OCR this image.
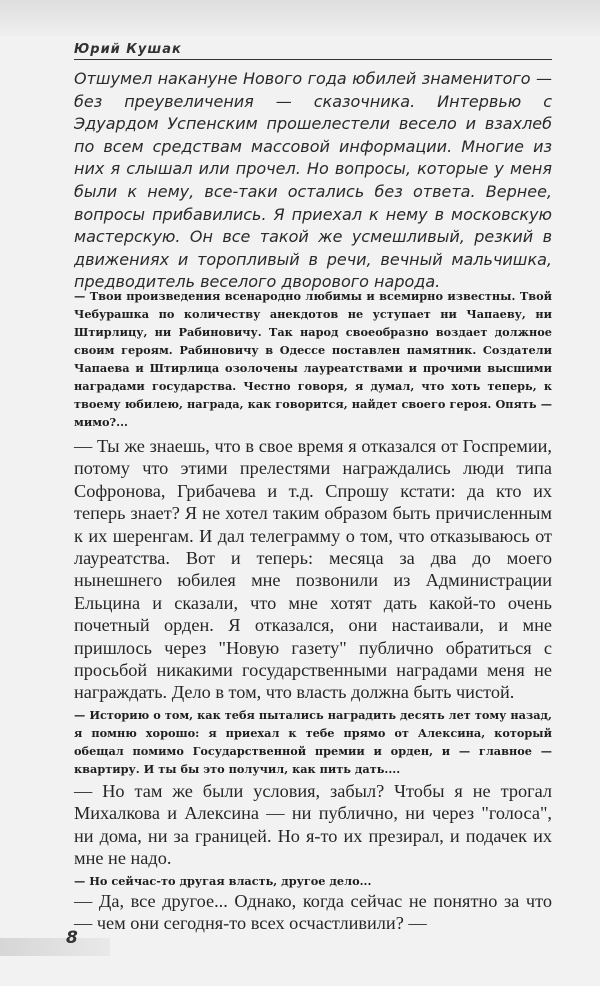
Юрий Кушак

Отшумел накануне Нового года юбилей знаменитого — без преувеличения — сказочника. Интервью с Эдуардом Успенским прошелестели весело и взахлеб по всем средствам массовой информации. Многие из них я слышал или прочел. Но вопросы, которые у меня были к нему, все-таки остались без ответа. Вернее, вопросы прибавились. Я приехал к нему в московскую мастерскую. Он все такой же усмешливый, резкий в движениях и торопливый в речи, вечный мальчишка, предводитель веселого дворового народа.

— Твои произведения всенародно любимы и всемирно известны. Твой Чебурашка по количеству анекдотов не уступает ни Чапаеву, ни Штирлицу, ни Рабиновичу. Так народ своеобразно воздает должное своим героям. Рабиновичу в Одессе поставлен памятник. Создатели Чапаева и Штирлица озолочены лауреатствами и прочими высшими наградами государства. Честно говоря, я думал, что хоть теперь, к твоему юбилею, награда, как говорится, найдет своего героя. Опять — мимо?...

— Ты же знаешь, что в свое время я отказался от Госпремии, потому что этими прелестями награждались люди типа Софронова, Грибачева и т.д. Спрошу кстати: да кто их теперь знает? Я не хотел таким образом быть причисленным к их шеренгам. И дал телеграмму о том, что отказываюсь от лауреатства. Вот и теперь: месяца за два до моего нынешнего юбилея мне позвонили из Администрации Ельцина и сказали, что мне хотят дать какой-то очень почетный орден. Я отказался, они настаивали, и мне пришлось через "Новую газету" публично обратиться с просьбой никакими государственными наградами меня не награждать. Дело в том, что власть должна быть чистой.

— Историю о том, как тебя пытались наградить десять лет тому назад, я помню хорошо: я приехал к тебе прямо от Алексина, который обещал помимо Государственной премии и орден, и — главное — квартиру. И ты бы это получил, как пить дать....

— Но там же были условия, забыл? Чтобы я не трогал Михалкова и Алексина — ни публично, ни через "голоса", ни дома, ни за границей. Но я-то их презирал, и подачек их мне не надо.

— Но сейчас-то другая власть, другое дело...

— Да, все другое... Однако, когда сейчас не понятно за что — чем они сегодня-то всех осчастливили? —

8
